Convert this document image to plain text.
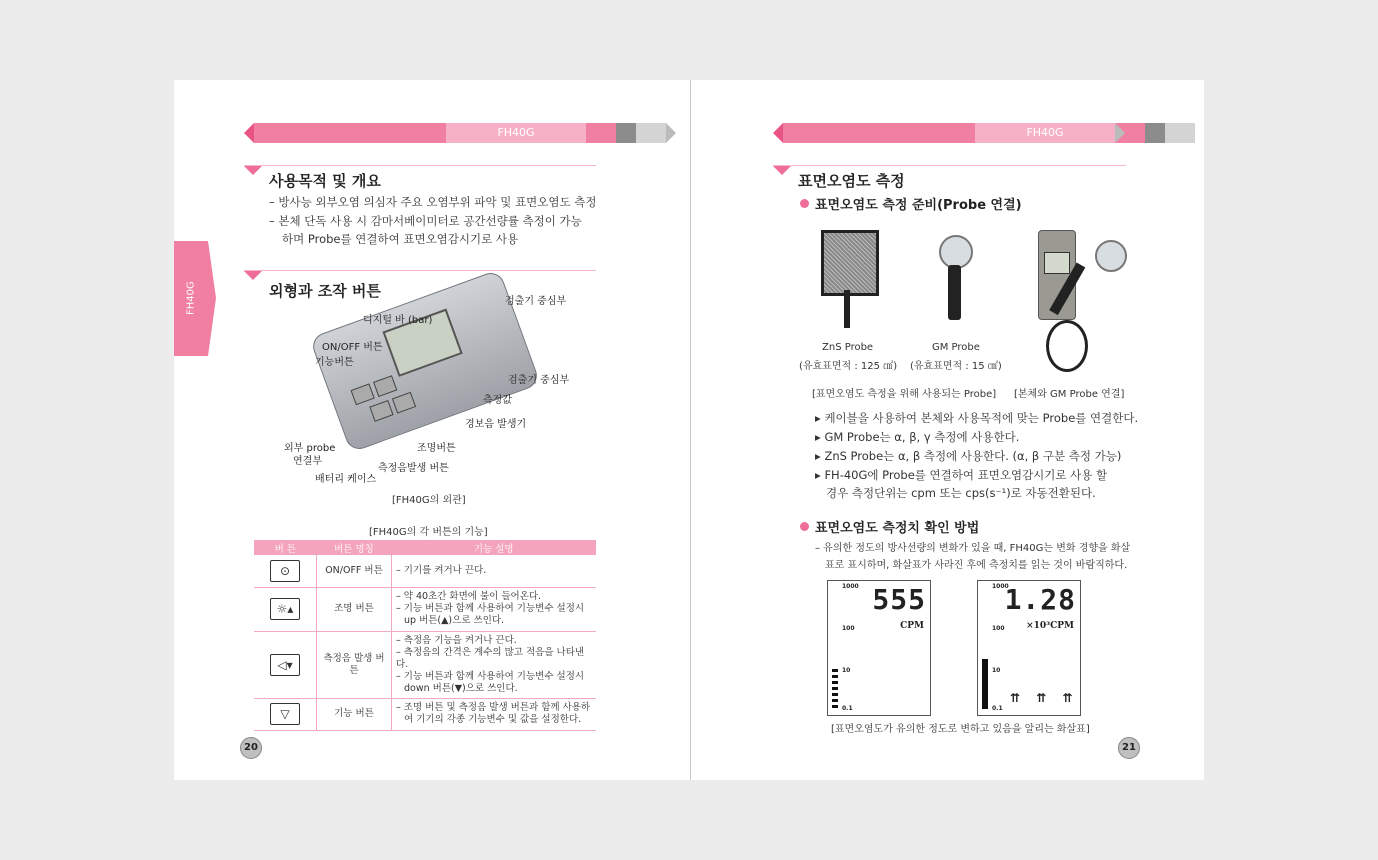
FH40G
FH40G
사용목적 및 개요
– 방사능 외부오염 의심자 주요 오염부위 파악 및 표면오염도 측정
– 본체 단독 사용 시 감마서베이미터로 공간선량률 측정이 가능
하며 Probe를 연결하여 표면오염감시기로 사용
외형과 조작 버튼
검출기 중심부
디지털 바 (bar)
ON/OFF 버튼
기능버튼
검출기 중심부
측정값
경보음 발생기
외부 probe
연결부
조명버튼
측정음발생 버튼
배터리 케이스
[FH40G의 외관]
[FH40G의 각 버튼의 기능]
버 튼	버튼 명칭	기능 설명
⊙	ON/OFF 버튼	– 기기를 켜거나 끈다.

☼▴	조명 버튼	– 약 40초간 화면에 불이 들어온다.
– 기능 버튼과 함께 사용하여 기능변수 설정시
up 버튼(▲)으로 쓰인다.

◁▾	측정음 발생 버튼	– 측정음 기능을 켜거나 끈다.
– 측정음의 간격은 계수의 많고 적음을 나타낸다.
– 기능 버튼과 함께 사용하여 기능변수 설정시
down 버튼(▼)으로 쓰인다.

▽	기능 버튼	– 조명 버튼 및 측정음 발생 버튼과 함께 사용하
여 기기의 각종 기능변수 및 값을 설정한다.
20
FH40G
표면오염도 측정
표면오염도 측정 준비(Probe 연결)
ZnS Probe
(유효표면적 : 125 ㎠)
GM Probe
(유효표면적 : 15 ㎠)
[표면오염도 측정을 위해 사용되는 Probe] [본체와 GM Probe 연결]
▸ 케이블을 사용하여 본체와 사용목적에 맞는 Probe를 연결한다.
▸ GM Probe는 α, β, γ 측정에 사용한다.
▸ ZnS Probe는 α, β 측정에 사용한다. (α, β 구분 측정 가능)
▸ FH-40G에 Probe를 연결하여 표면오염감시기로 사용 할
경우 측정단위는 cpm 또는 cps(s⁻¹)로 자동전환된다.
표면오염도 측정치 확인 방법
– 유의한 정도의 방사선량의 변화가 있을 때, FH40G는 변화 경향을 화살
표로 표시하며, 화살표가 사라진 후에 측정치를 읽는 것이 바람직하다.
1000
100
10
0.1
555
CPM
1000
100
10
0.1
1.28
×10³CPM
⇈ ⇈ ⇈
[표면오염도가 유의한 정도로 변하고 있음을 알리는 화살표]
21
